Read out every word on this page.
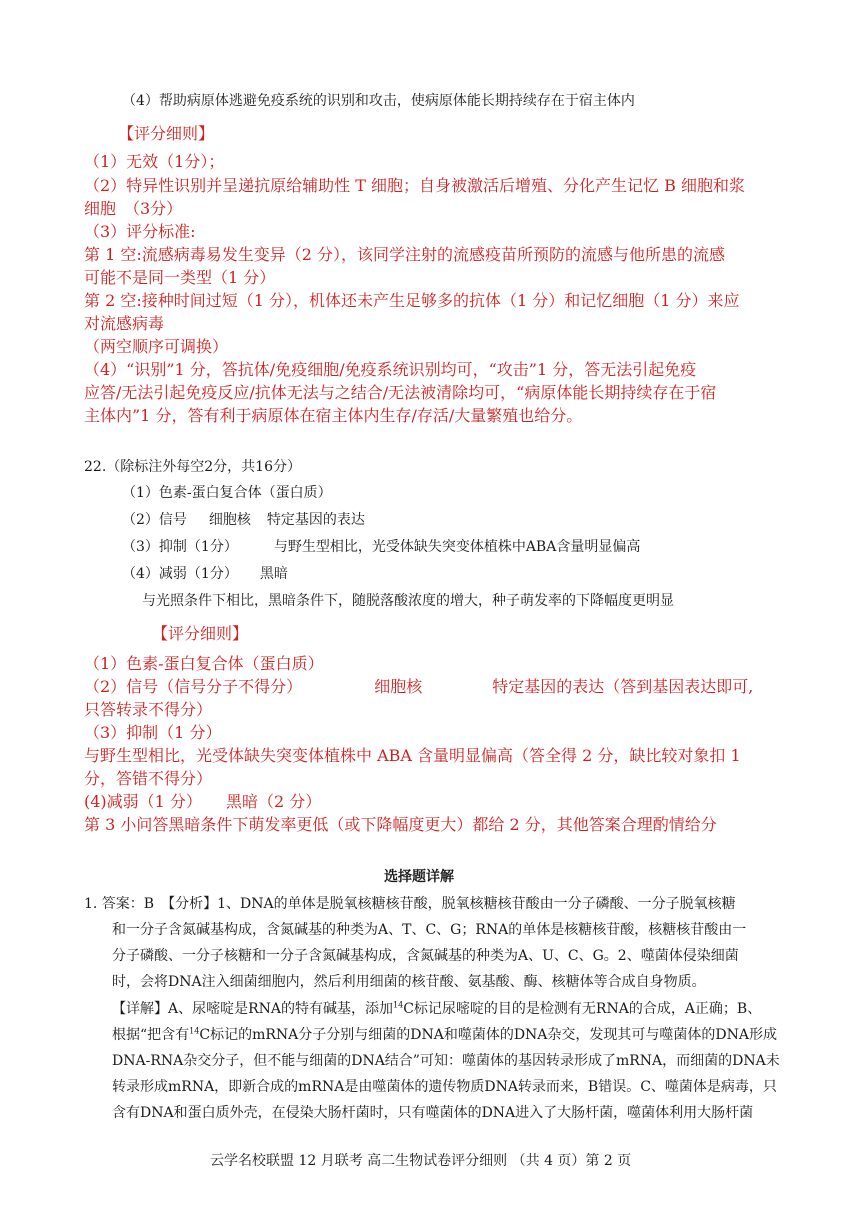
（4）帮助病原体逃避免疫系统的识别和攻击，使病原体能长期持续存在于宿主体内
【评分细则】
（1）无效（1分）；
（2）特异性识别并呈递抗原给辅助性 T 细胞；自身被激活后增殖、分化产生记忆 B 细胞和浆
细胞　（3分）
（3）评分标准:
第 1 空:流感病毒易发生变异（2 分），该同学注射的流感疫苗所预防的流感与他所患的流感
可能不是同一类型（1 分）
第 2 空:接种时间过短（1 分），机体还未产生足够多的抗体（1 分）和记忆细胞（1 分）来应
对流感病毒
（两空顺序可调换）
（4）“识别”1 分，答抗体/免疫细胞/免疫系统识别均可，“攻击”1 分，答无法引起免疫
应答/无法引起免疫反应/抗体无法与之结合/无法被清除均可，“病原体能长期持续存在于宿
主体内”1 分，答有利于病原体在宿主体内生存/存活/大量繁殖也给分。
22.（除标注外每空2分，共16分）
（1）色素-蛋白复合体（蛋白质）
（2）信号 细胞核 特定基因的表达
（3）抑制（1分）	与野生型相比，光受体缺失突变体植株中ABA含量明显偏高
（4）减弱（1分） 黑暗
与光照条件下相比，黑暗条件下，随脱落酸浓度的增大，种子萌发率的下降幅度更明显
【评分细则】
（1）色素-蛋白复合体（蛋白质）
（2）信号（信号分子不得分）	细胞核	特定基因的表达（答到基因表达即可,
只答转录不得分）
（3）抑制（1 分）
与野生型相比，光受体缺失突变体植株中 ABA 含量明显偏高（答全得 2 分，缺比较对象扣 1
分，答错不得分）
(4)减弱（1 分） 黑暗（2 分）
第 3 小问答黑暗条件下萌发率更低（或下降幅度更大）都给 2 分，其他答案合理酌情给分
选择题详解
1. 答案：B　【分析】1、DNA的单体是脱氧核糖核苷酸，脱氧核糖核苷酸由一分子磷酸、一分子脱氧核糖
和一分子含氮碱基构成，含氮碱基的种类为A、T、C、G；RNA的单体是核糖核苷酸，核糖核苷酸由一
分子磷酸、一分子核糖和一分子含氮碱基构成，含氮碱基的种类为A、U、C、G。2、噬菌体侵染细菌
时，会将DNA注入细菌细胞内，然后利用细菌的核苷酸、氨基酸、酶、核糖体等合成自身物质。
【详解】A、尿嘧啶是RNA的特有碱基，添加$^{14}$C标记尿嘧啶的目的是检测有无RNA的合成，A正确；B、
根据“把含有$^{14}$C标记的mRNA分子分别与细菌的DNA和噬菌体的DNA杂交，发现其可与噬菌体的DNA形成
DNA-RNA杂交分子，但不能与细菌的DNA结合”可知：噬菌体的基因转录形成了mRNA，而细菌的DNA未
转录形成mRNA，即新合成的mRNA是由噬菌体的遗传物质DNA转录而来，B错误。C、噬菌体是病毒，只
含有DNA和蛋白质外壳，在侵染大肠杆菌时，只有噬菌体的DNA进入了大肠杆菌，噬菌体利用大肠杆菌
云学名校联盟 12 月联考 高二生物试卷评分细则 （共 4 页）第 2 页
